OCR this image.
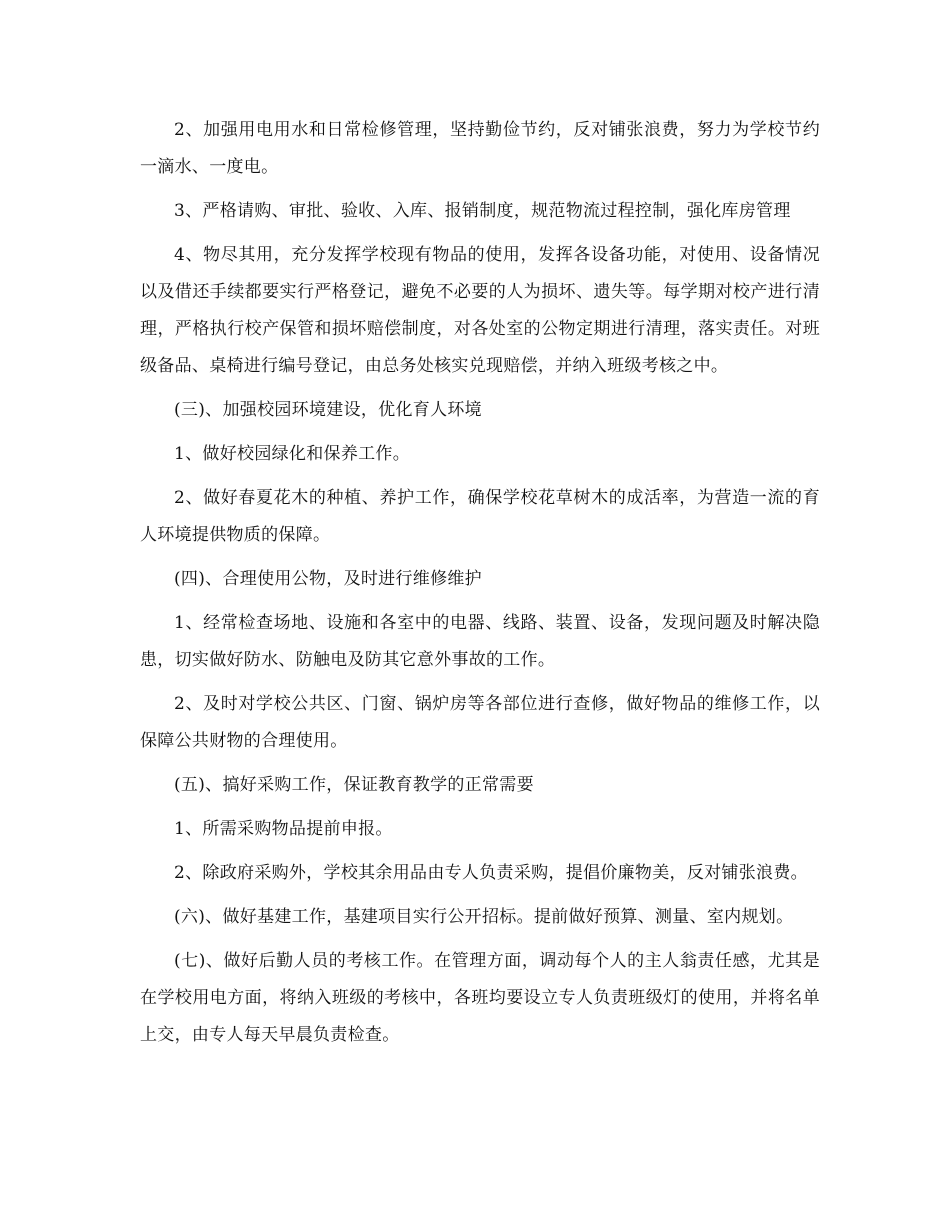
2、加强用电用水和日常检修管理，坚持勤俭节约，反对铺张浪费，努力为学校节约一滴水、一度电。

3、严格请购、审批、验收、入库、报销制度，规范物流过程控制，强化库房管理

4、物尽其用，充分发挥学校现有物品的使用，发挥各设备功能，对使用、设备情况以及借还手续都要实行严格登记，避免不必要的人为损坏、遗失等。每学期对校产进行清理，严格执行校产保管和损坏赔偿制度，对各处室的公物定期进行清理，落实责任。对班级备品、桌椅进行编号登记，由总务处核实兑现赔偿，并纳入班级考核之中。

(三)、加强校园环境建设，优化育人环境

1、做好校园绿化和保养工作。

2、做好春夏花木的种植、养护工作，确保学校花草树木的成活率，为营造一流的育人环境提供物质的保障。

(四)、合理使用公物，及时进行维修维护

1、经常检查场地、设施和各室中的电器、线路、装置、设备，发现问题及时解决隐患，切实做好防水、防触电及防其它意外事故的工作。

2、及时对学校公共区、门窗、锅炉房等各部位进行查修，做好物品的维修工作，以保障公共财物的合理使用。

(五)、搞好采购工作，保证教育教学的正常需要

1、所需采购物品提前申报。

2、除政府采购外，学校其余用品由专人负责采购，提倡价廉物美，反对铺张浪费。

(六)、做好基建工作，基建项目实行公开招标。提前做好预算、测量、室内规划。

(七)、做好后勤人员的考核工作。在管理方面，调动每个人的主人翁责任感，尤其是在学校用电方面，将纳入班级的考核中，各班均要设立专人负责班级灯的使用，并将名单上交，由专人每天早晨负责检查。
